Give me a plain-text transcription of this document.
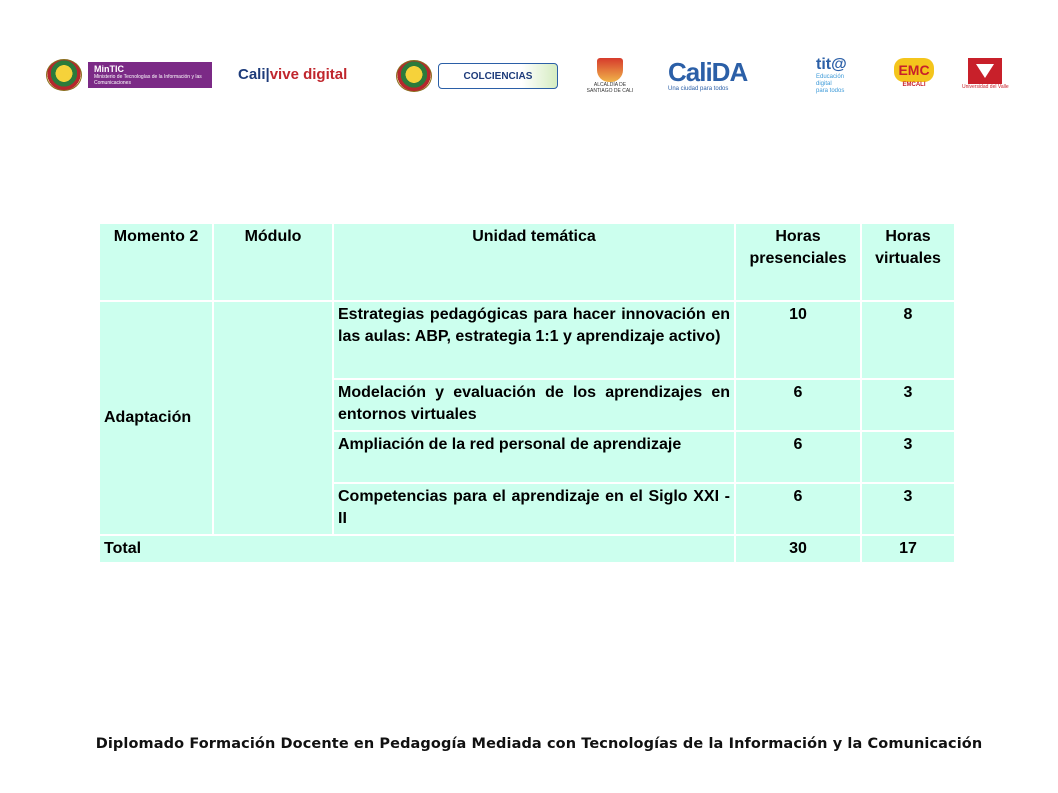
MinTIC
Ministerio de Tecnologías de la Información y las Comunicaciones	Cali | vive digital	COLCIENCIAS
ALCALDÍA DE SANTIAGO DE CALI
CaliDA
Una ciudad para todos
tit@
Educación
digital
para todos
EMC
EMCALI	Universidad del Valle
Momento 2	Módulo	Unidad temática	Horas presenciales	Horas virtuales
Adaptación		Estrategias pedagógicas para hacer innovación en las aulas: ABP, estrategia 1:1 y aprendizaje activo)	10	8
		Modelación y evaluación de los aprendizajes en entornos virtuales	6	3
		Ampliación de la red personal de aprendizaje	6	3
		Competencias para el aprendizaje en el Siglo XXI - II	6	3
Total			30	17
Diplomado Formación Docente en Pedagogía Mediada con Tecnologías de la Información y la Comunicación
